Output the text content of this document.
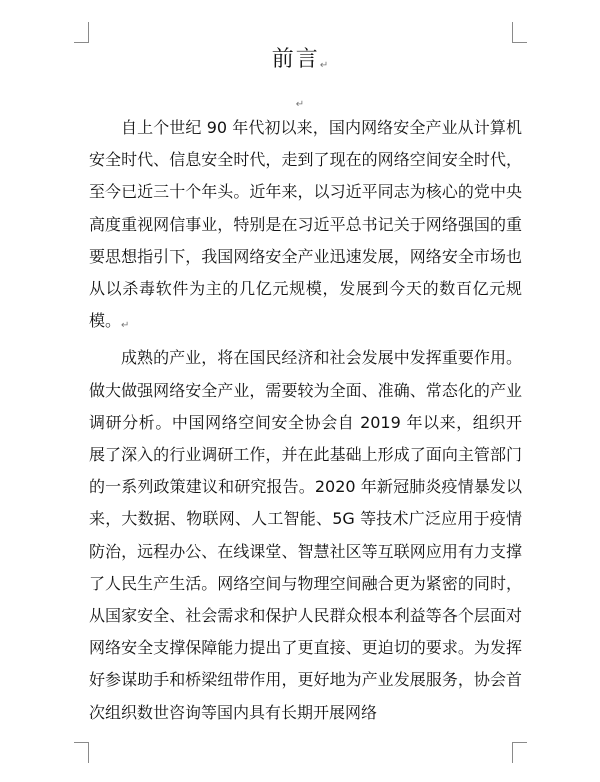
前言↵
↵

自上个世纪 90 年代初以来，国内网络安全产业从计算机安全时代、信息安全时代，走到了现在的网络空间安全时代，至今已近三十个年头。近年来，以习近平同志为核心的党中央高度重视网信事业，特别是在习近平总书记关于网络强国的重要思想指引下，我国网络安全产业迅速发展，网络安全市场也从以杀毒软件为主的几亿元规模，发展到今天的数百亿元规模。↵

成熟的产业，将在国民经济和社会发展中发挥重要作用。做大做强网络安全产业，需要较为全面、准确、常态化的产业调研分析。中国网络空间安全协会自 2019 年以来，组织开展了深入的行业调研工作，并在此基础上形成了面向主管部门的一系列政策建议和研究报告。2020 年新冠肺炎疫情暴发以来，大数据、物联网、人工智能、5G 等技术广泛应用于疫情防治，远程办公、在线课堂、智慧社区等互联网应用有力支撑了人民生产生活。网络空间与物理空间融合更为紧密的同时，从国家安全、社会需求和保护人民群众根本利益等各个层面对网络安全支撑保障能力提出了更直接、更迫切的要求。为发挥好参谋助手和桥梁纽带作用，更好地为产业发展服务，协会首次组织数世咨询等国内具有长期开展网络
